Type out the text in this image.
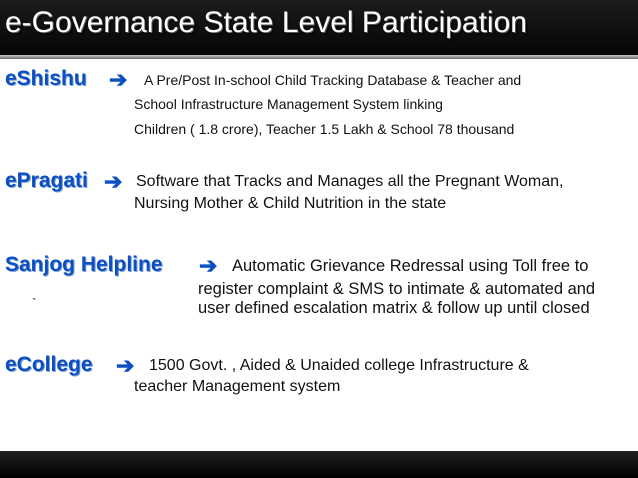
e-Governance State Level Participation
eShishu ➔ A Pre/Post In-school Child Tracking Database & Teacher and
School Infrastructure Management System linking
Children ( 1.8 crore), Teacher 1.5 Lakh & School 78 thousand
ePragati ➔ Software that Tracks and Manages all the Pregnant Woman,
Nursing Mother & Child Nutrition in the state
Sanjog Helpline ➔ Automatic Grievance Redressal using Toll free to
register complaint & SMS to intimate & automated and
user defined escalation matrix & follow up until closed
`
eCollege ➔ 1500 Govt. , Aided & Unaided college Infrastructure &
teacher Management system
